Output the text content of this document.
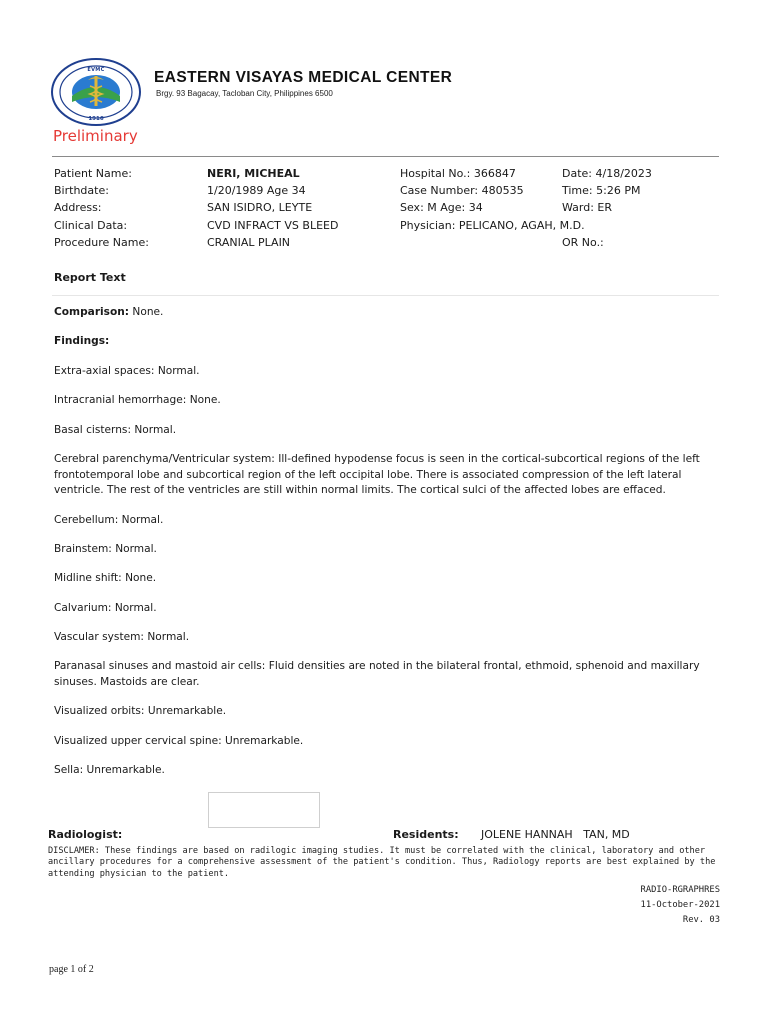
EVMC
1916
EASTERN VISAYAS MEDICAL CENTER
Brgy. 93 Bagacay, Tacloban City, Philippines 6500
Preliminary
Patient Name:
Birthdate:
Address:
Clinical Data:
Procedure Name:
NERI, MICHEAL
1/20/1989 Age 34
SAN ISIDRO, LEYTE
CVD INFRACT VS BLEED
CRANIAL PLAIN
Hospital No.: 366847
Case Number: 480535
Sex: M Age: 34
Physician: PELICANO, AGAH, M.D.
Date: 4/18/2023
Time: 5:26 PM
Ward: ER
OR No.:
Report Text

Comparison: None.

Findings:

Extra-axial spaces: Normal.

Intracranial hemorrhage: None.

Basal cisterns: Normal.

Cerebral parenchyma/Ventricular system: Ill-defined hypodense focus is seen in the cortical-subcortical regions of the left frontotemporal lobe and subcortical region of the left occipital lobe. There is associated compression of the left lateral ventricle. The rest of the ventricles are still within normal limits. The cortical sulci of the affected lobes are effaced.

Cerebellum: Normal.

Brainstem: Normal.

Midline shift: None.

Calvarium: Normal.

Vascular system: Normal.

Paranasal sinuses and mastoid air cells: Fluid densities are noted in the bilateral frontal, ethmoid, sphenoid and maxillary sinuses. Mastoids are clear.

Visualized orbits: Unremarkable.

Visualized upper cervical spine: Unremarkable.

Sella: Unremarkable.

Radiologist:	Residents: JOLENE HANNAH   TAN, MD
DISCLAMER: These findings are based on radilogic imaging studies. It must be correlated with the clinical, laboratory and other ancillary procedures for a comprehensive assessment of the patient's condition. Thus, Radiology reports are best explained by the attending physician to the patient.
RADIO-RGRAPHRES
11-October-2021
Rev. 03
page 1 of 2
